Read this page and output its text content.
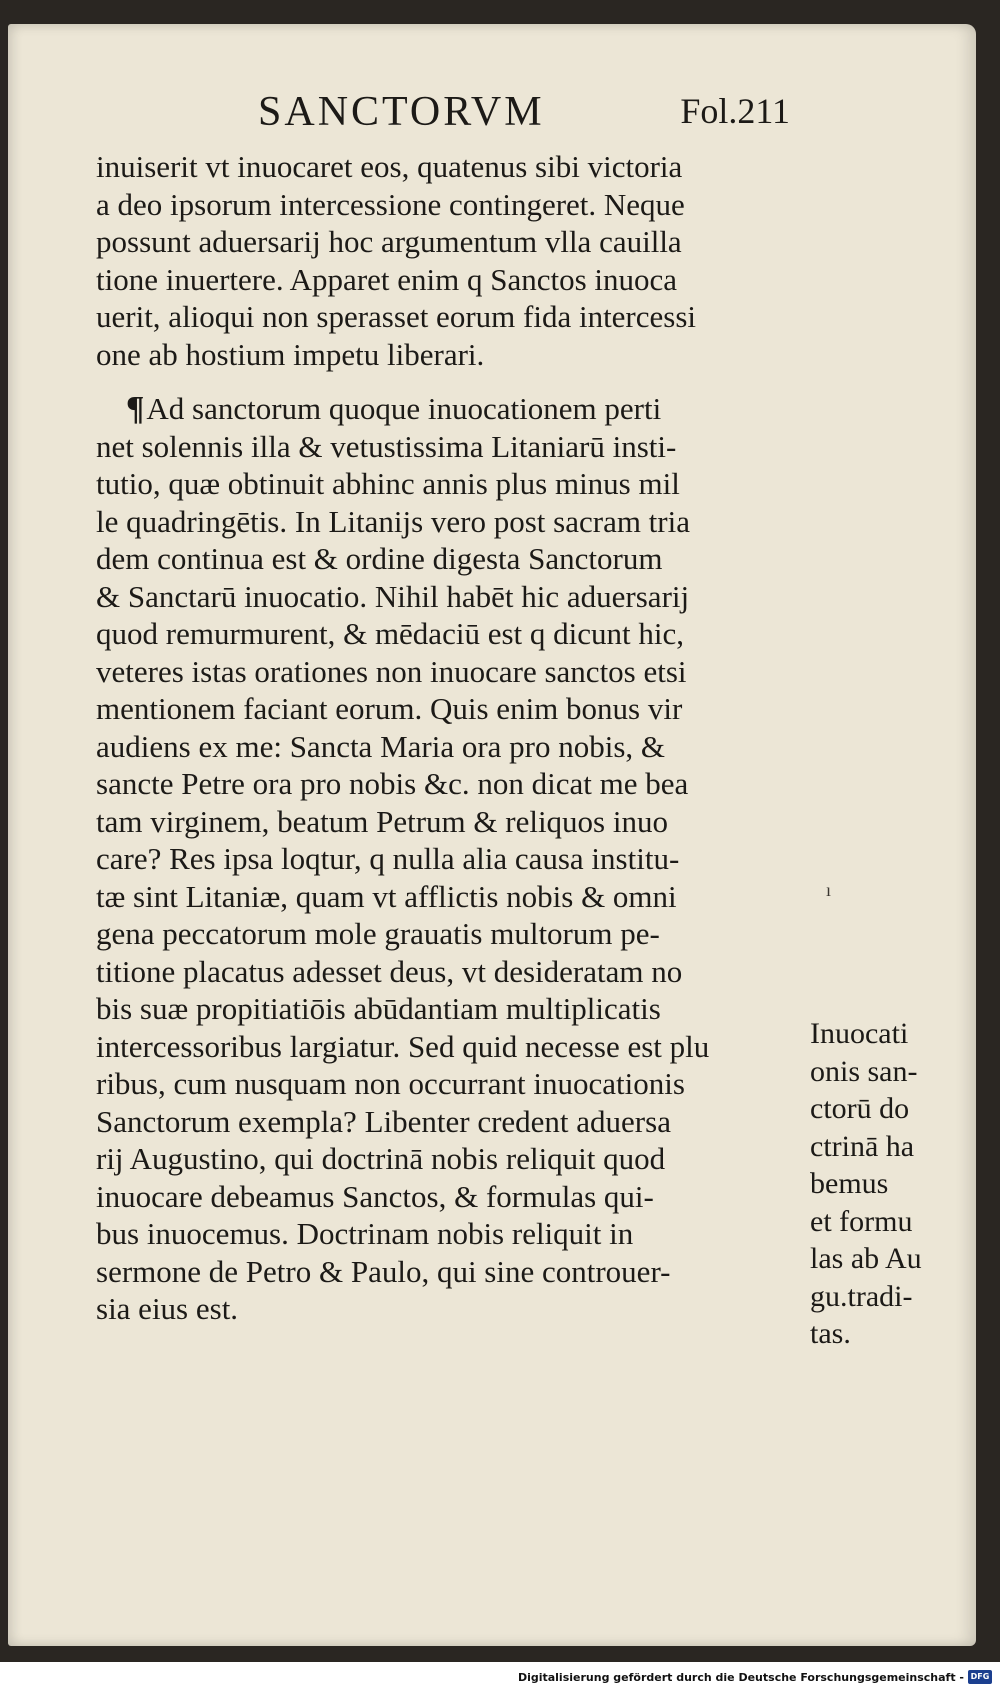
SANCTORVM	Fol.211
inuiserit vt inuocaret eos, quatenus sibi victoria
a deo ipsorum intercessione contingeret. Neque
possunt aduersarij hoc argumentum vlla cauilla
tione inuertere. Apparet enim q Sanctos inuoca
uerit, alioqui non sperasset eorum fida intercessi
one ab hostium impetu liberari.
¶Ad sanctorum quoque inuocationem perti
net solennis illa & vetustissima Litaniarū insti-
tutio, quæ obtinuit abhinc annis plus minus mil
le quadringētis. In Litanijs vero post sacram tria
dem continua est & ordine digesta Sanctorum
& Sanctarū inuocatio. Nihil habēt hic aduersarij
quod remurmurent, & mēdaciū est q dicunt hic,
veteres istas orationes non inuocare sanctos etsi
mentionem faciant eorum. Quis enim bonus vir
audiens ex me: Sancta Maria ora pro nobis, &
sancte Petre ora pro nobis &c. non dicat me bea
tam virginem, beatum Petrum & reliquos inuo
care? Res ipsa loqtur, q nulla alia causa institu-
tæ sint Litaniæ, quam vt afflictis nobis & omni
gena peccatorum mole grauatis multorum pe-
titione placatus adesset deus, vt desideratam no
bis suæ propitiatiōis abūdantiam multiplicatis
intercessoribus largiatur. Sed quid necesse est plu
ribus, cum nusquam non occurrant inuocationis
Sanctorum exempla? Libenter credent aduersa
rij Augustino, qui doctrinā nobis reliquit quod
inuocare debeamus Sanctos, & formulas qui-
bus inuocemus. Doctrinam nobis reliquit in
sermone de Petro & Paulo, qui sine controuer-
sia eius est.
ı
Inuocati
onis san-
ctorū do
ctrinā ha
bemus
et formu
las ab Au
gu.tradi-
tas.
Digitalisierung gefördert durch die Deutsche Forschungsgemeinschaft - DFG
